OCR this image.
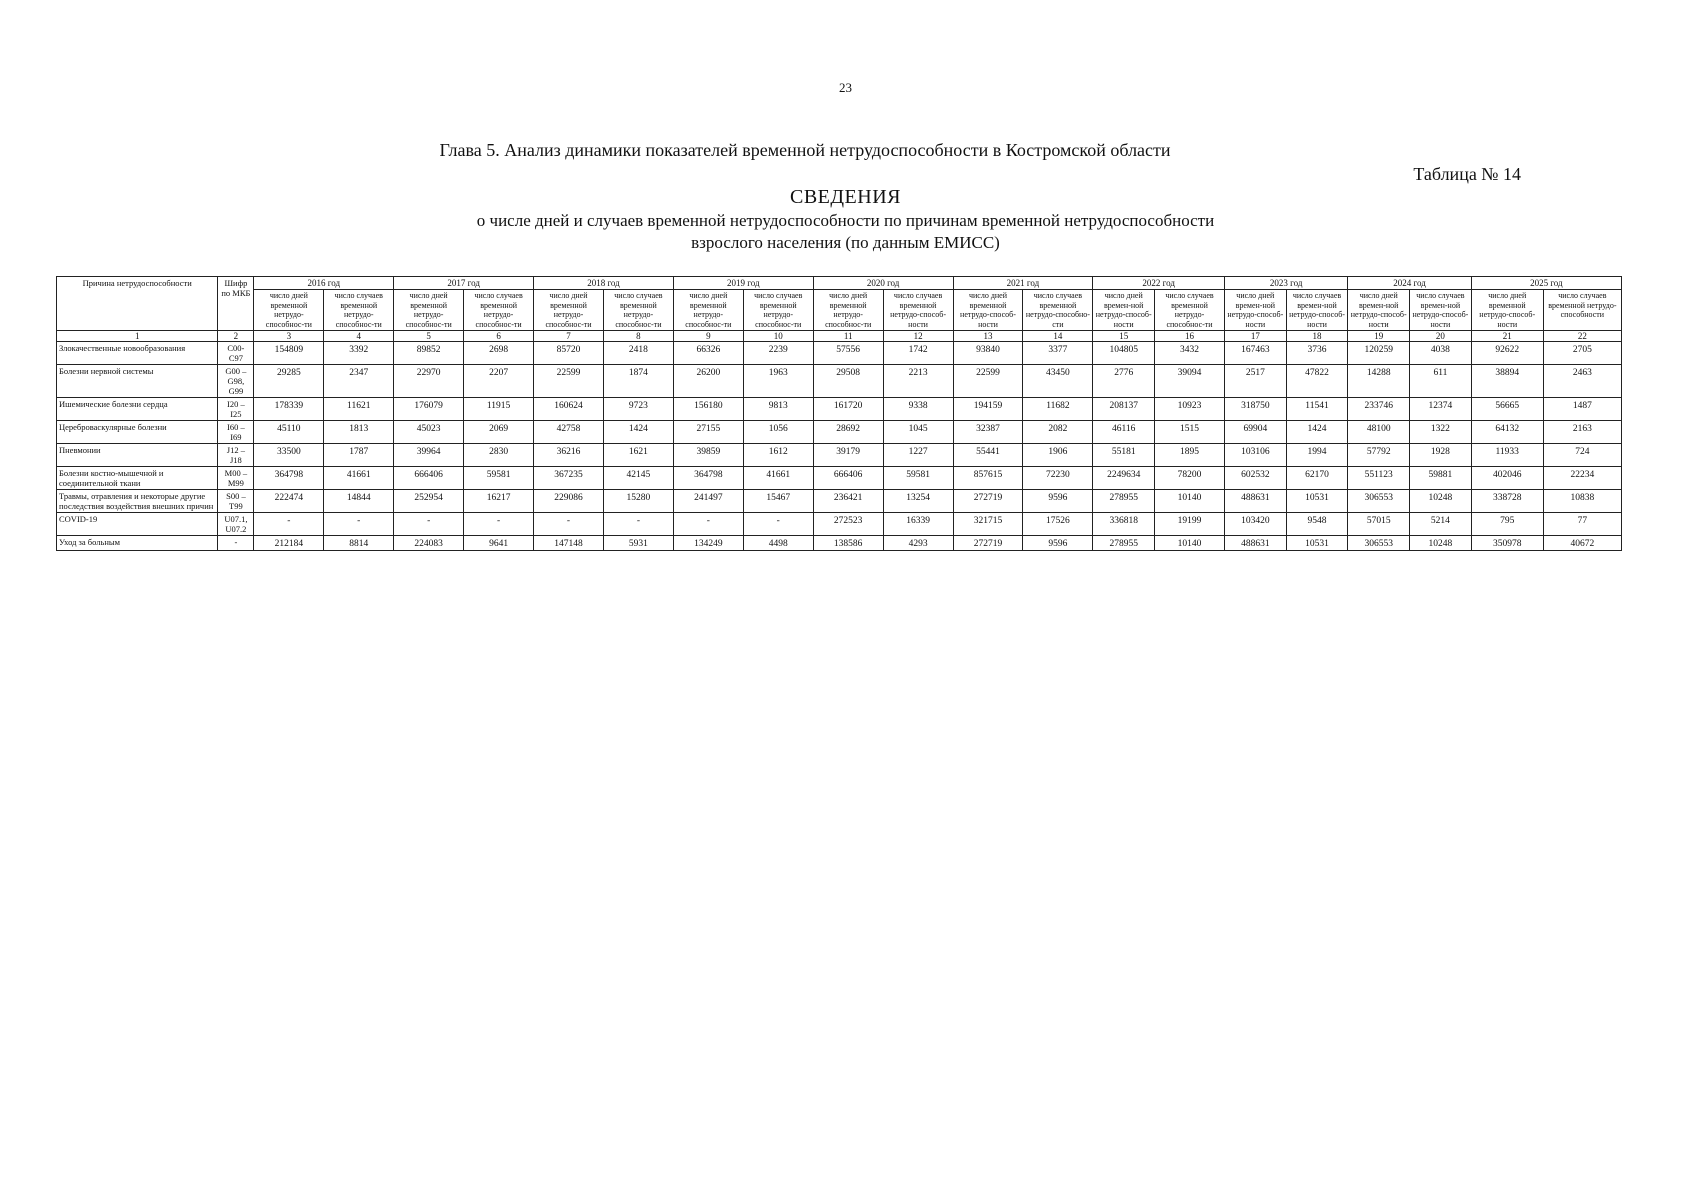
23
Глава 5. Анализ динамики показателей временной нетрудоспособности в Костромской области
Таблица № 14
СВЕДЕНИЯ
о числе дней и случаев временной нетрудоспособности по причинам временной нетрудоспособности
взрослого населения (по данным ЕМИСС)
Причина нетрудоспособности	Шифр по МКБ	2016 год		2017 год		2018 год		2019 год		2020 год		2021 год		2022 год		2023 год		2024 год		2025 год	
		число дней временной нетрудо-способнос-ти	число случаев временной нетрудо-способнос-ти	число дней временной нетрудо-способнос-ти	число случаев временной нетрудо-способнос-ти	число дней временной нетрудо-способнос-ти	число случаев временной нетрудо-способнос-ти	число дней временной нетрудо-способнос-ти	число случаев временной нетрудо-способнос-ти	число дней временной нетрудо-способнос-ти	число случаев временной нетрудо-способ-ности	число дней временной нетрудо-способ-ности	число случаев временной нетрудо-способно-сти	число дней времен-ной нетрудо-способ-ности	число случаев временной нетрудо-способнос-ти	число дней времен-ной нетрудо-способ-ности	число случаев времен-ной нетрудо-способ-ности	число дней времен-ной нетрудо-способ-ности	число случаев времен-ной нетрудо-способ-ности	число дней временной нетрудо-способ-ности	число случаев временной нетрудо-способности
1	2	3	4	5	6	7	8	9	10	11	12	13	14	15	16	17	18	19	20	21	22
Злокачественные новообразования	C00-C97	154809	3392	89852	2698	85720	2418	66326	2239	57556	1742	93840	3377	104805	3432	167463	3736	120259	4038	92622	2705
Болезни нервной системы	G00 – G98, G99	29285	2347	22970	2207	22599	1874	26200	1963	29508	2213	22599	43450	2776	39094	2517	47822	14288	611	38894	2463
Ишемические болезни сердца	I20 – I25	178339	11621	176079	11915	160624	9723	156180	9813	161720	9338	194159	11682	208137	10923	318750	11541	233746	12374	56665	1487
Цереброваскулярные болезни	I60 – I69	45110	1813	45023	2069	42758	1424	27155	1056	28692	1045	32387	2082	46116	1515	69904	1424	48100	1322	64132	2163
Пневмонии	J12 – J18	33500	1787	39964	2830	36216	1621	39859	1612	39179	1227	55441	1906	55181	1895	103106	1994	57792	1928	11933	724
Болезни костно-мышечной и соединительной ткани	M00 – M99	364798	41661	666406	59581	367235	42145	364798	41661	666406	59581	857615	72230	2249634	78200	602532	62170	551123	59881	402046	22234
Травмы, отравления и некоторые другие последствия воздействия внешних причин	S00 – T99	222474	14844	252954	16217	229086	15280	241497	15467	236421	13254	272719	9596	278955	10140	488631	10531	306553	10248	338728	10838
COVID-19	U07.1, U07.2	-	-	-	-	-	-	-	-	272523	16339	321715	17526	336818	19199	103420	9548	57015	5214	795	77
Уход за больным	-	212184	8814	224083	9641	147148	5931	134249	4498	138586	4293	272719	9596	278955	10140	488631	10531	306553	10248	350978	40672
